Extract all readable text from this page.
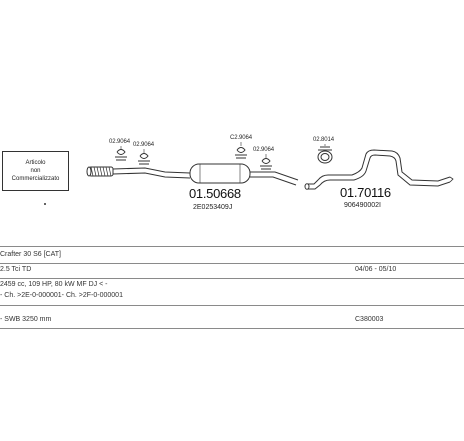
Articolo
non
Commercializzato
02.9064 02.9064
C2.9064
02.9064
02.8014
01.50668
2E0253409J
01.70116
906490002I
Crafter 30 S6 [CAT]
2.5 Tci TD	04/06 - 05/10
2459 cc, 109 HP, 80 kW MF DJ < -
- Ch. >2E-0-000001- Ch. >2F-0-000001
- SWB 3250 mm	C380003
